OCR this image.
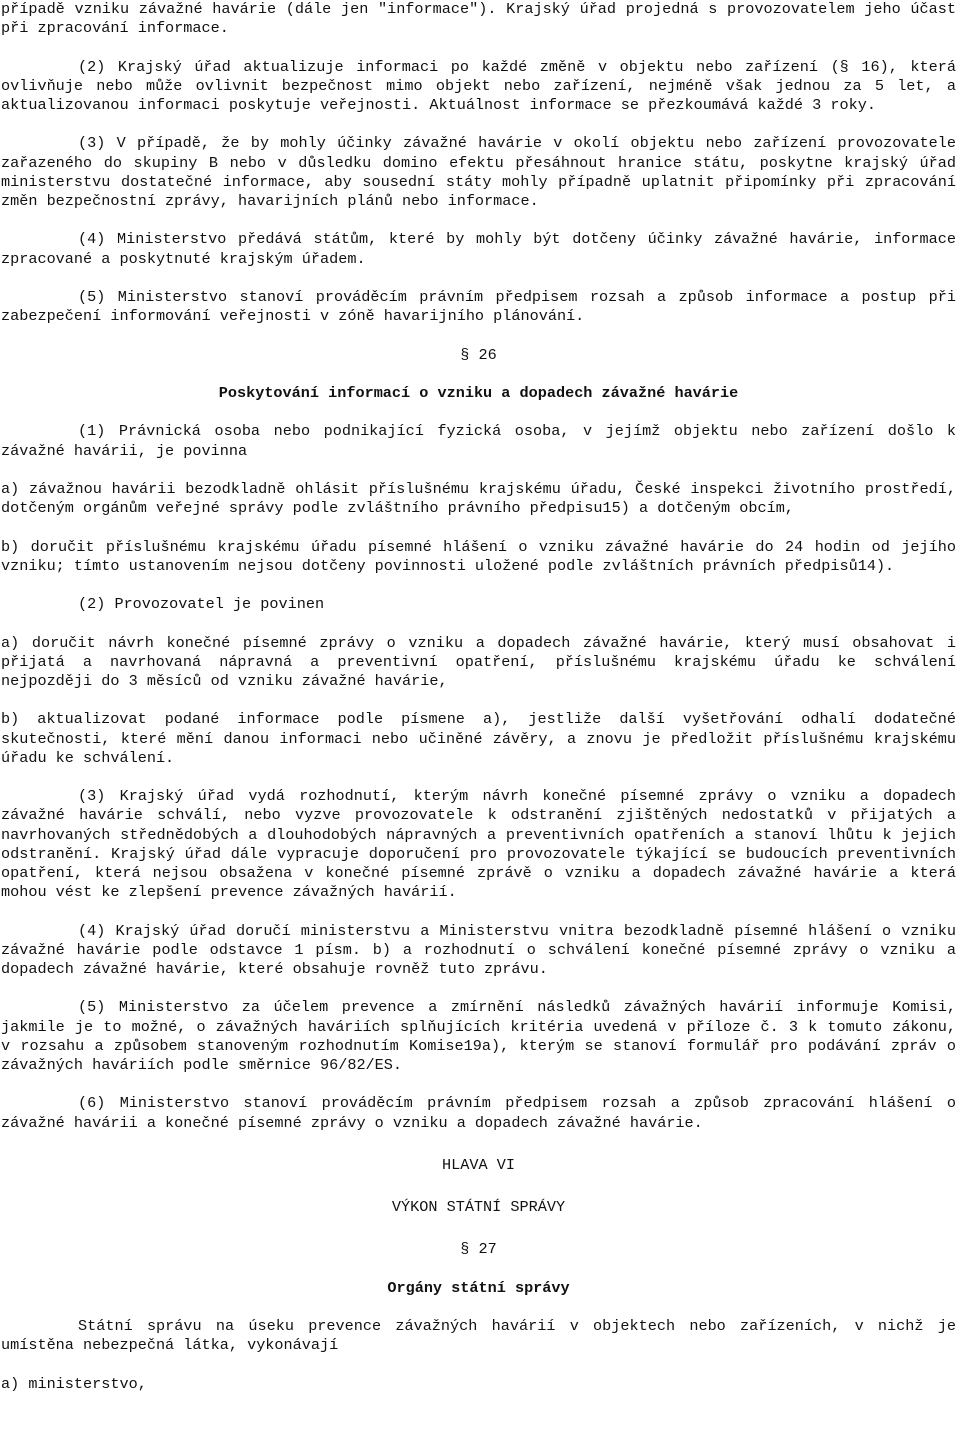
případě vzniku závažné havárie (dále jen "informace"). Krajský úřad projedná s provozovatelem jeho účast při zpracování informace.

(2) Krajský úřad aktualizuje informaci po každé změně v objektu nebo zařízení (§ 16), která ovlivňuje nebo může ovlivnit bezpečnost mimo objekt nebo zařízení, nejméně však jednou za 5 let, a aktualizovanou informaci poskytuje veřejnosti. Aktuálnost informace se přezkoumává každé 3 roky.

(3) V případě, že by mohly účinky závažné havárie v okolí objektu nebo zařízení provozovatele zařazeného do skupiny B nebo v důsledku domino efektu přesáhnout hranice státu, poskytne krajský úřad ministerstvu dostatečné informace, aby sousední státy mohly případně uplatnit připomínky při zpracování změn bezpečnostní zprávy, havarijních plánů nebo informace.

(4) Ministerstvo předává státům, které by mohly být dotčeny účinky závažné havárie, informace zpracované a poskytnuté krajským úřadem.

(5) Ministerstvo stanoví prováděcím právním předpisem rozsah a způsob informace a postup při zabezpečení informování veřejnosti v zóně havarijního plánování.

§ 26

Poskytování informací o vzniku a dopadech závažné havárie

(1) Právnická osoba nebo podnikající fyzická osoba, v jejímž objektu nebo zařízení došlo k závažné havárii, je povinna

a) závažnou havárii bezodkladně ohlásit příslušnému krajskému úřadu, České inspekci životního prostředí, dotčeným orgánům veřejné správy podle zvláštního právního předpisu15) a dotčeným obcím,

b) doručit příslušnému krajskému úřadu písemné hlášení o vzniku závažné havárie do 24 hodin od jejího vzniku; tímto ustanovením nejsou dotčeny povinnosti uložené podle zvláštních právních předpisů14).

(2) Provozovatel je povinen

a) doručit návrh konečné písemné zprávy o vzniku a dopadech závažné havárie, který musí obsahovat i přijatá a navrhovaná nápravná a preventivní opatření, příslušnému krajskému úřadu ke schválení nejpozději do 3 měsíců od vzniku závažné havárie,

b) aktualizovat podané informace podle písmene a), jestliže další vyšetřování odhalí dodatečné skutečnosti, které mění danou informaci nebo učiněné závěry, a znovu je předložit příslušnému krajskému úřadu ke schválení.

(3) Krajský úřad vydá rozhodnutí, kterým návrh konečné písemné zprávy o vzniku a dopadech závažné havárie schválí, nebo vyzve provozovatele k odstranění zjištěných nedostatků v přijatých a navrhovaných střednědobých a dlouhodobých nápravných a preventivních opatřeních a stanoví lhůtu k jejich odstranění. Krajský úřad dále vypracuje doporučení pro provozovatele týkající se budoucích preventivních opatření, která nejsou obsažena v konečné písemné zprávě o vzniku a dopadech závažné havárie a která mohou vést ke zlepšení prevence závažných havárií.

(4) Krajský úřad doručí ministerstvu a Ministerstvu vnitra bezodkladně písemné hlášení o vzniku závažné havárie podle odstavce 1 písm. b) a rozhodnutí o schválení konečné písemné zprávy o vzniku a dopadech závažné havárie, které obsahuje rovněž tuto zprávu.

(5) Ministerstvo za účelem prevence a zmírnění následků závažných havárií informuje Komisi, jakmile je to možné, o závažných haváriích splňujících kritéria uvedená v příloze č. 3 k tomuto zákonu, v rozsahu a způsobem stanoveným rozhodnutím Komise19a), kterým se stanoví formulář pro podávání zpráv o závažných haváriích podle směrnice 96/82/ES.

(6) Ministerstvo stanoví prováděcím právním předpisem rozsah a způsob zpracování hlášení o závažné havárii a konečné písemné zprávy o vzniku a dopadech závažné havárie.

HLAVA VI

VÝKON STÁTNÍ SPRÁVY

§ 27

Orgány státní správy

Státní správu na úseku prevence závažných havárií v objektech nebo zařízeních, v nichž je umístěna nebezpečná látka, vykonávají

a) ministerstvo,
